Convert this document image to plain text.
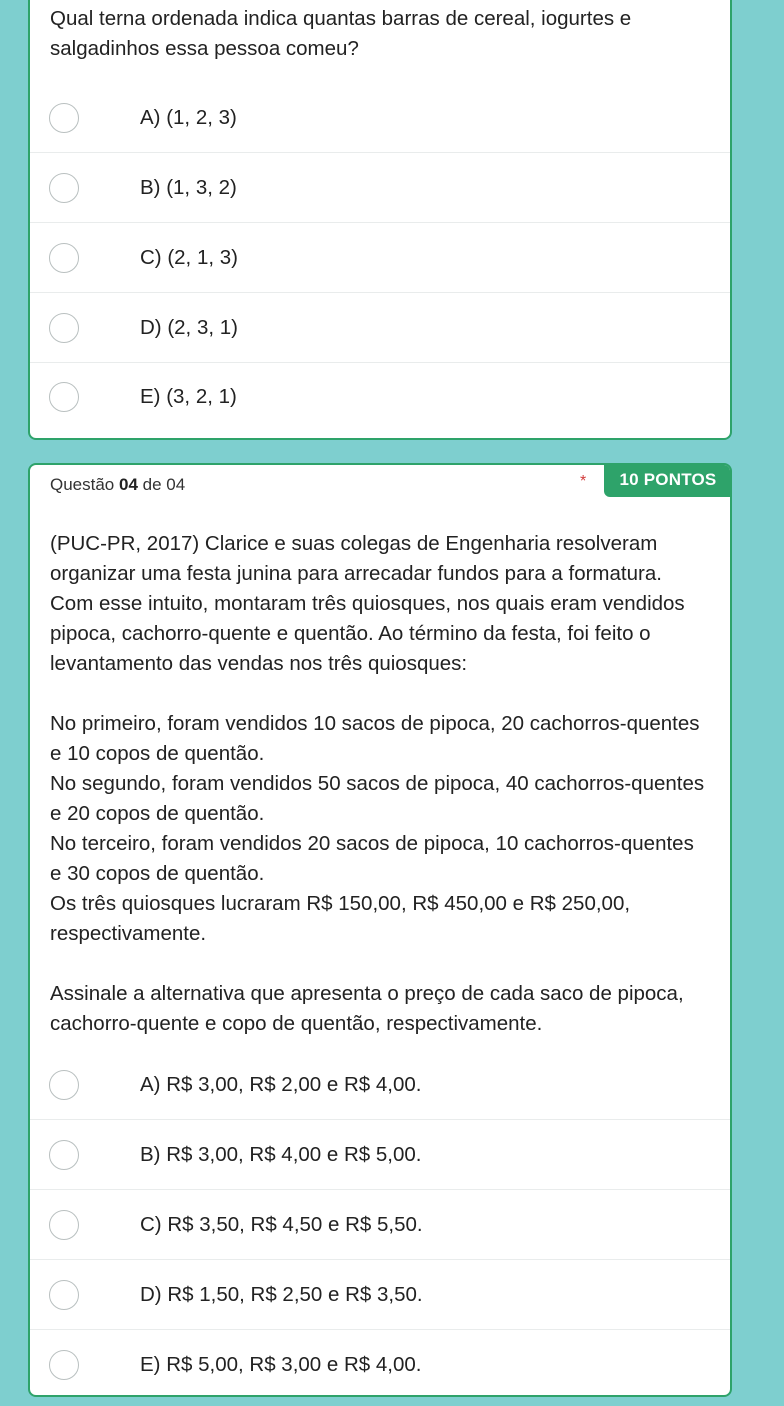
Qual terna ordenada indica quantas barras de cereal, iogurtes e salgadinhos essa pessoa comeu?
A) (1, 2, 3)
B) (1, 3, 2)
C) (2, 1, 3)
D) (2, 3, 1)
E) (3, 2, 1)
Questão 04 de 04	*	10 PONTOS

(PUC-PR, 2017) Clarice e suas colegas de Engenharia resolveram organizar uma festa junina para arrecadar fundos para a formatura. Com esse intuito, montaram três quiosques, nos quais eram vendidos pipoca, cachorro-quente e quentão. Ao término da festa, foi feito o levantamento das vendas nos três quiosques:

No primeiro, foram vendidos 10 sacos de pipoca, 20 cachorros-quentes e 10 copos de quentão.

No segundo, foram vendidos 50 sacos de pipoca, 40 cachorros-quentes e 20 copos de quentão.

No terceiro, foram vendidos 20 sacos de pipoca, 10 cachorros-quentes e 30 copos de quentão.

Os três quiosques lucraram R$ 150,00, R$ 450,00 e R$ 250,00, respectivamente.

Assinale a alternativa que apresenta o preço de cada saco de pipoca, cachorro-quente e copo de quentão, respectivamente.

A) R$ 3,00, R$ 2,00 e R$ 4,00.
B) R$ 3,00, R$ 4,00 e R$ 5,00.
C) R$ 3,50, R$ 4,50 e R$ 5,50.
D) R$ 1,50, R$ 2,50 e R$ 3,50.
E) R$ 5,00, R$ 3,00 e R$ 4,00.
